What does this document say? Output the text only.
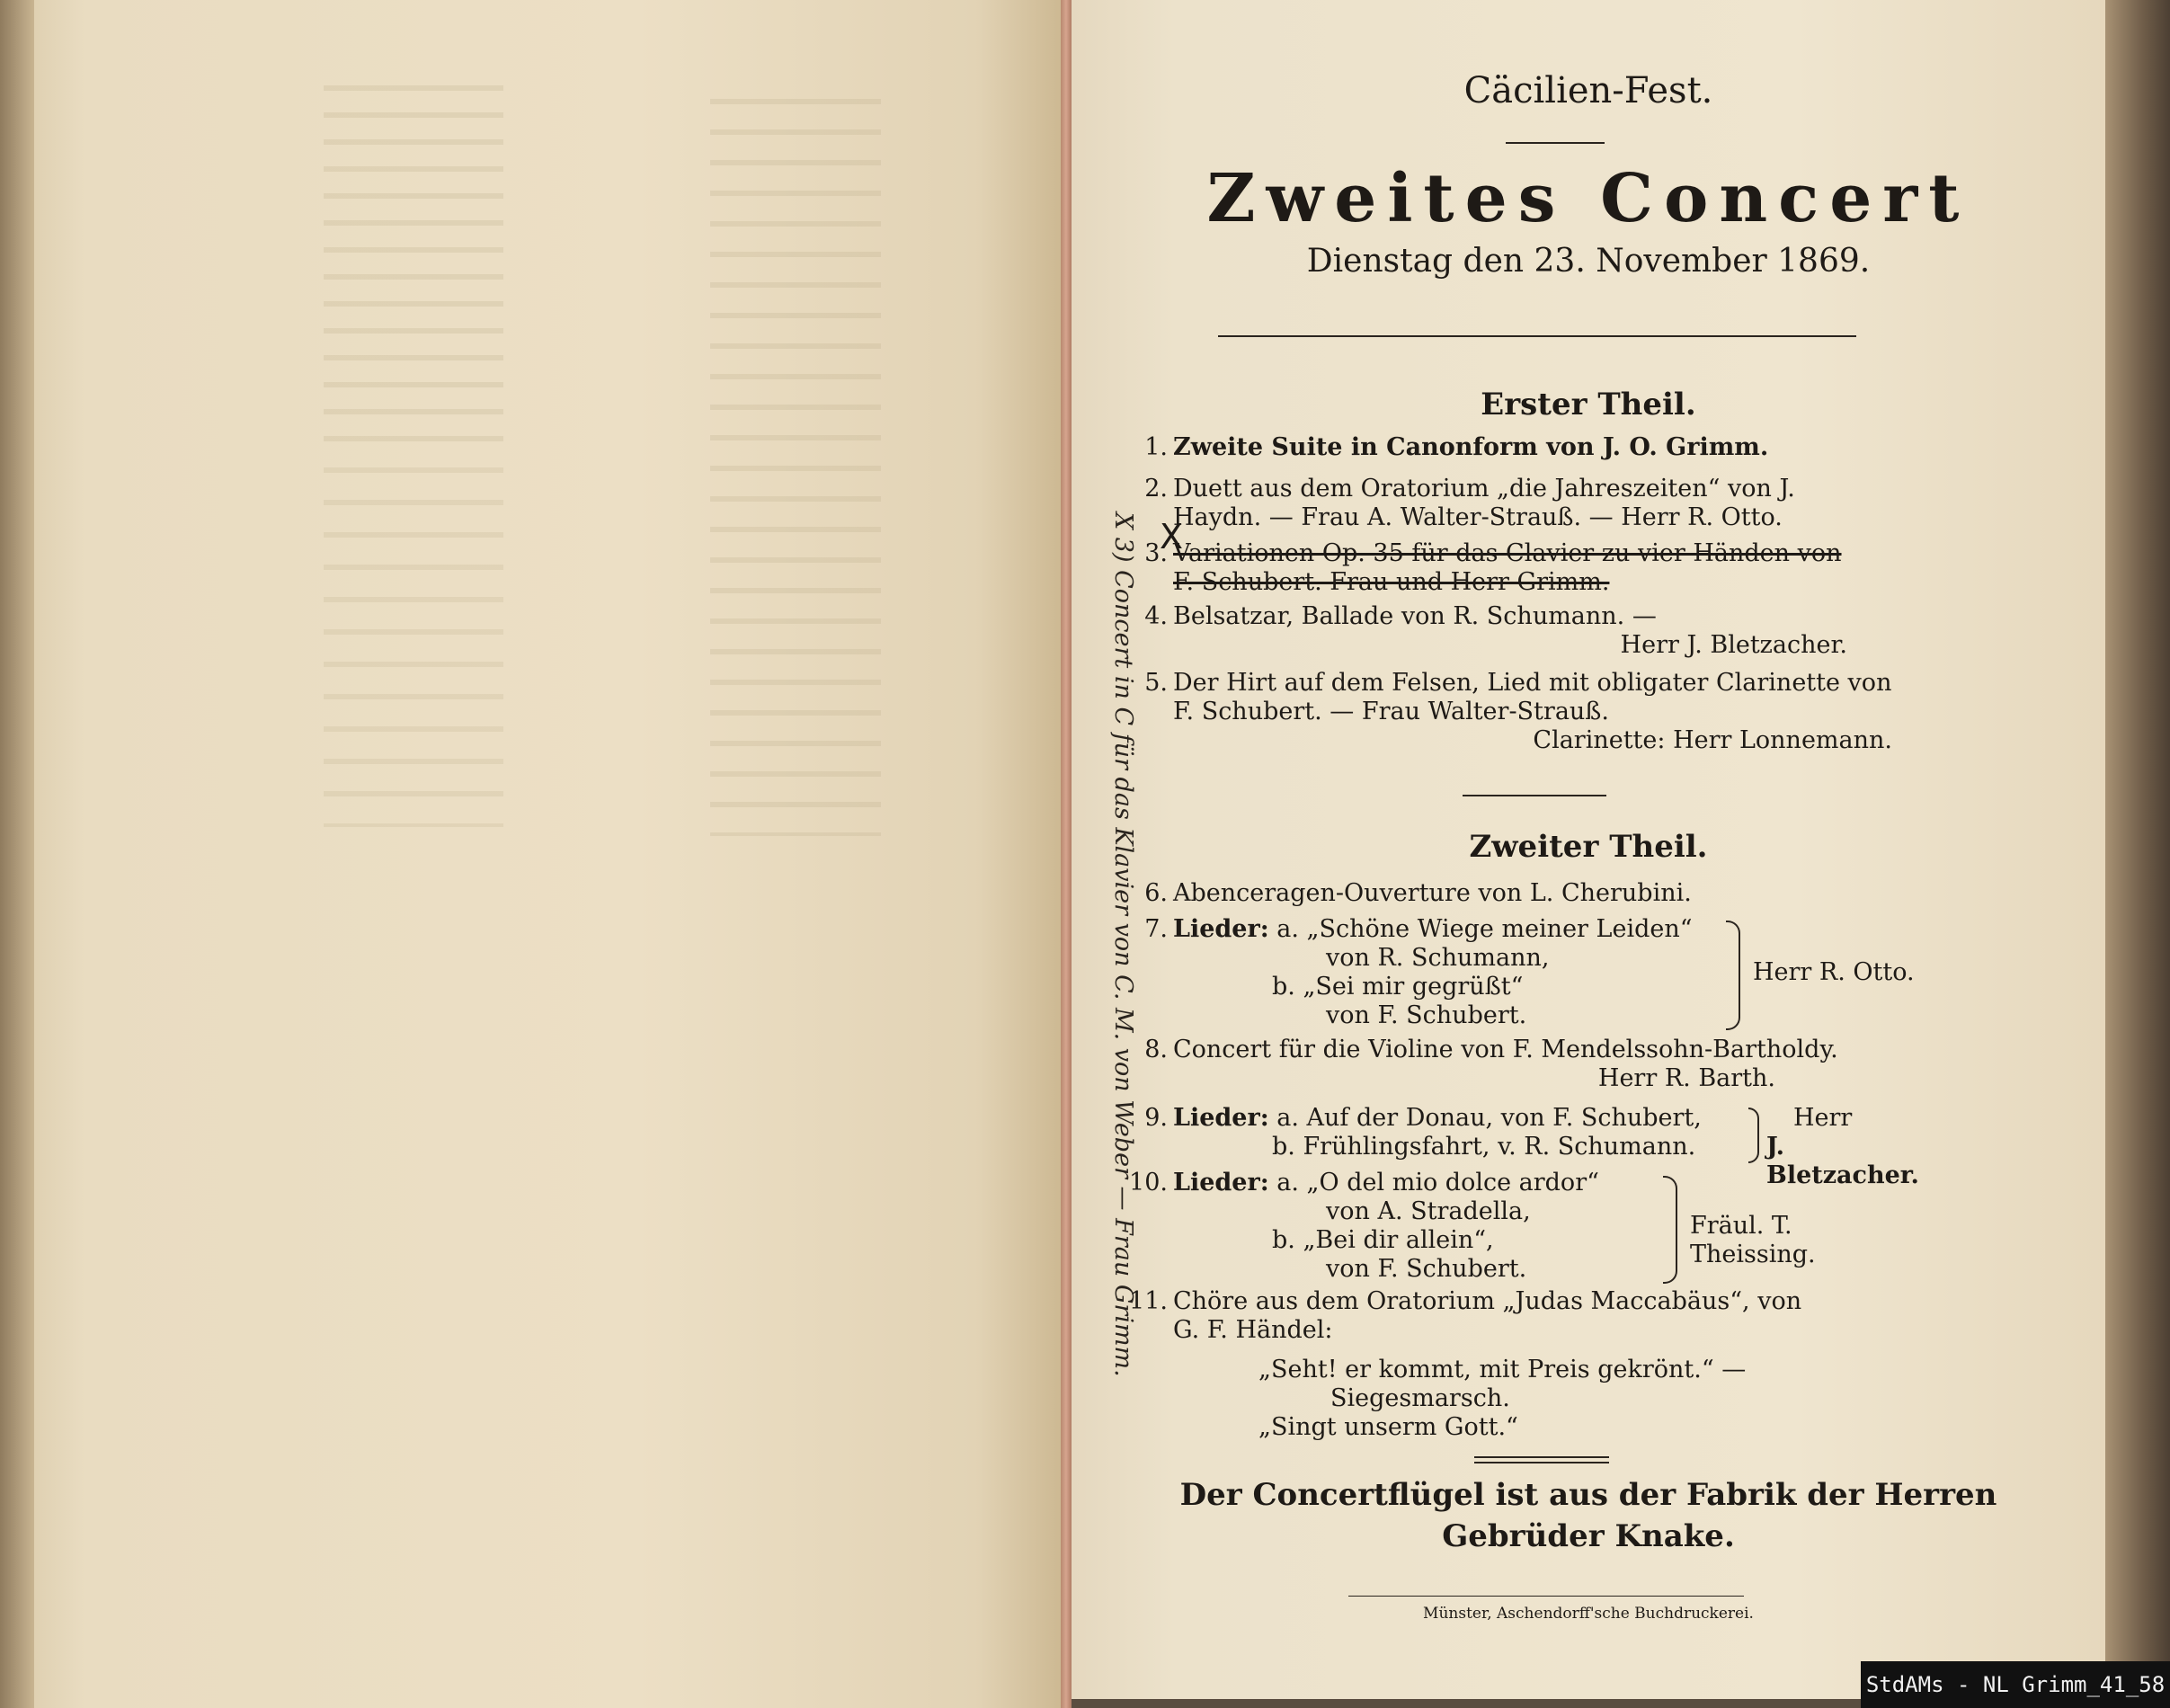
Cäcilien-Fest.
Zweites Concert
Dienstag den 23. November 1869.
Erster Theil.
1. Zweite Suite in Canonform von J. O. Grimm.
2. Duett aus dem Oratorium „die Jahreszeiten“ von J.
Haydn. — Frau A. Walter-Strauß. — Herr R. Otto.
3. Variationen Op. 35 für das Clavier zu vier Händen von
F. Schubert. Frau und Herr Grimm.
4. Belsatzar, Ballade von R. Schumann. —
Herr J. Bletzacher.
5. Der Hirt auf dem Felsen, Lied mit obligater Clarinette von
F. Schubert. — Frau Walter-Strauß.
Clarinette: Herr Lonnemann.
Zweiter Theil.
6. Abenceragen-Ouverture von L. Cherubini.
7. Lieder: a. „Schöne Wiege meiner Leiden“
von R. Schumann,
b. „Sei mir gegrüßt“
von F. Schubert.
Herr R. Otto.
8. Concert für die Violine von F. Mendelssohn-Bartholdy.
Herr R. Barth.
9. Lieder: a. Auf der Donau, von F. Schubert,
b. Frühlingsfahrt, v. R. Schumann.
Herr
J. Bletzacher.
10. Lieder: a. „O del mio dolce ardor“
von A. Stradella,
b. „Bei dir allein“,
von F. Schubert.
Fräul. T. Theissing.
11. Chöre aus dem Oratorium „Judas Maccabäus“, von
G. F. Händel:
„Seht! er kommt, mit Preis gekrönt.“ —
Siegesmarsch.
„Singt unserm Gott.“
Der Concertflügel ist aus der Fabrik der Herren
Gebrüder Knake.
Münster, Aschendorff'sche Buchdruckerei.
X 3) Concert in C für das Klavier von C. M. von Weber — Frau Grimm. X
StdAMs - NL Grimm_41_58
